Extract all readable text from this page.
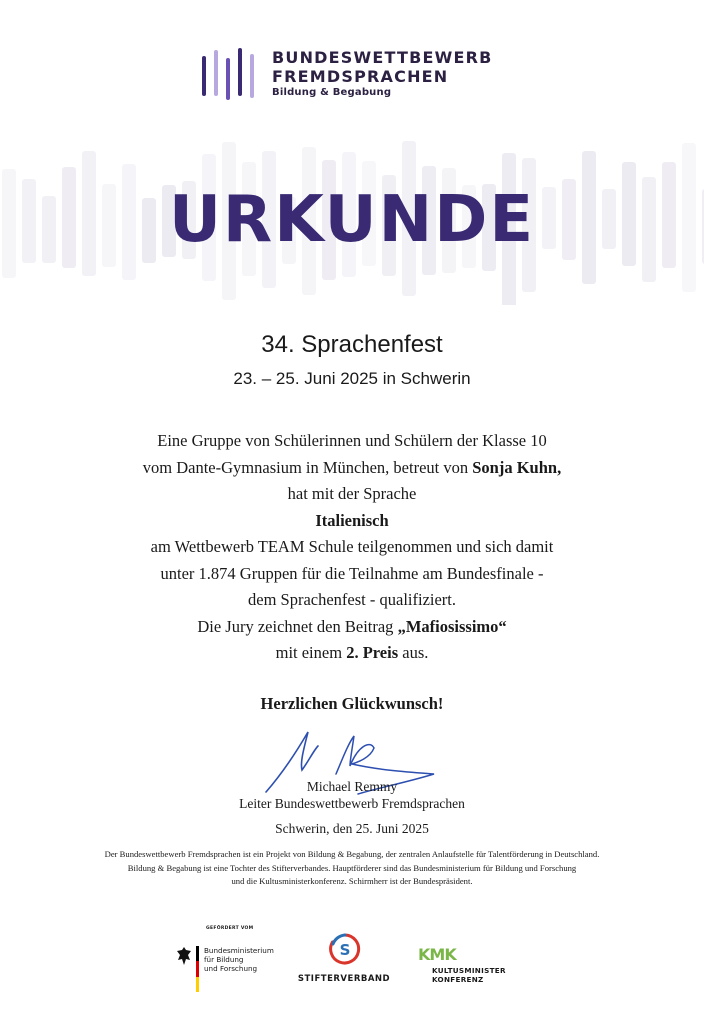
BUNDESWETTBEWERB
FREMDSPRACHEN
Bildung & Begabung
URKUNDE
34. Sprachenfest
23. – 25. Juni 2025 in Schwerin
Eine Gruppe von Schülerinnen und Schülern der Klasse 10
vom Dante-Gymnasium in München, betreut von Sonja Kuhn,
hat mit der Sprache
Italienisch
am Wettbewerb TEAM Schule teilgenommen und sich damit
unter 1.874 Gruppen für die Teilnahme am Bundesfinale -
dem Sprachenfest - qualifiziert.
Die Jury zeichnet den Beitrag „Mafiosissimo“
mit einem 2. Preis aus.
Herzlichen Glückwunsch!
Michael Remmy
Leiter Bundeswettbewerb Fremdsprachen
Schwerin, den 25. Juni 2025
Der Bundeswettbewerb Fremdsprachen ist ein Projekt von Bildung & Begabung, der zentralen Anlaufstelle für Talentförderung in Deutschland.
Bildung & Begabung ist eine Tochter des Stifterverbandes. Hauptförderer sind das Bundesministerium für Bildung und Forschung
und die Kultusministerkonferenz. Schirmherr ist der Bundespräsident.
GEFÖRDERT VOM
Bundesministerium
für Bildung
und Forschung
S
STIFTERVERBAND
KMK
KULTUSMINISTER
KONFERENZ
